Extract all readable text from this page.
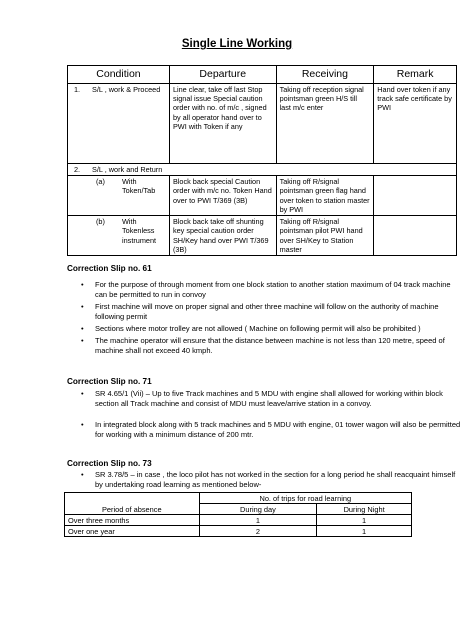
Single Line Working
Condition	Departure	Receiving	Remark

1. S/L , work & Proceed	Line clear, take off last Stop signal issue Special caution order with no. of m/c , signed by all operator hand over to PWI with Token if any	Taking off reception signal pointsman green H/S till last m/c enter	Hand over token if any track safe certificate by PWI

2. S/L , work and Return			

(a) With Token/Tab	Block back special Caution order with m/c no. Token Hand over to PWI T/369 (3B)	Taking off R/signal pointsman green flag hand over token to station master by PWI	

(b) With Tokenless instrument	Block back take off shunting key special caution order SH/Key hand over PWI T/369 (3B)	Taking off R/signal pointsman pilot PWI hand over SH/Key to Station master	
Correction Slip no. 61
•	For the purpose of through moment from one block station to another station maximum of 04 track machine can be permitted to run in convoy
•	First machine will move on proper signal and other three machine will follow on the authority of machine following permit
•	Sections where motor trolley are not allowed ( Machine on following permit will also be prohibited )
•	The machine operator will ensure that the distance between machine is not less than 120 metre, speed of machine shall not exceed 40 kmph.
Correction Slip no. 71
•	SR 4.65/1 (Vii) – Up to five Track machines and 5 MDU with engine shall allowed for working within block section all Track machine and consist of MDU must leave/arrive station in a convoy.
•	In integrated block along with 5 track machines and 5 MDU with engine, 01 tower wagon will also be permitted for working with a minimum distance of 200 mtr.
Correction Slip no. 73
•	SR 3.78/5 – in case , the loco pilot has not worked in the section for a long period he shall reacquaint himself by undertaking road learning as mentioned below-
Period of absence	No. of trips for road learning	
	During day	During Night
Over three months	1	1
Over one year	2	1
